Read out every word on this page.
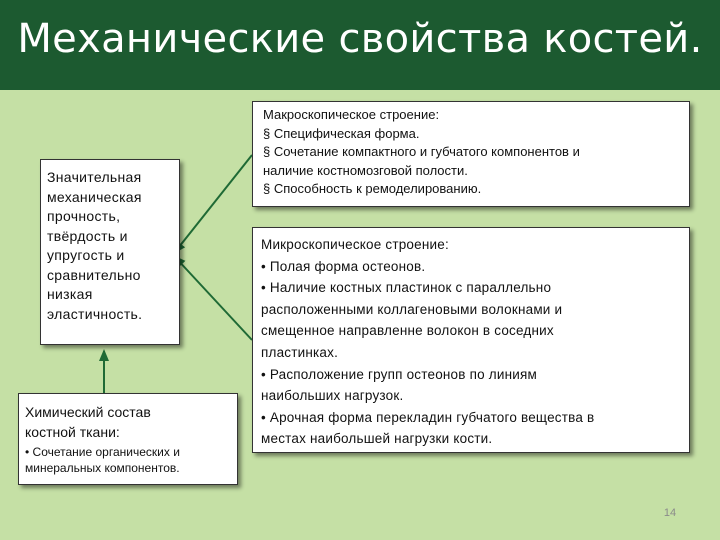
Механические свойства костей.

Значительная

механическая

прочность,

твёрдость и

упругость и

сравнительно

низкая

эластичность.

Химический состав

костной ткани:

• Сочетание органических и

минеральных компонентов.

Макроскопическое строение:

§ Специфическая форма.

§ Сочетание компактного и губчатого компонентов и

наличие костномозговой полости.

§ Способность к ремоделированию.

Микроскопическое строение:

• Полая форма остеонов.

• Наличие костных пластинок с параллельно

расположенными коллагеновыми волокнами и

смещенное направленне волокон в соседних

пластинках.

• Расположение групп остеонов по линиям

наибольших нагрузок.

• Арочная форма перекладин губчатого вещества в

местах наибольшей нагрузки кости.

14
